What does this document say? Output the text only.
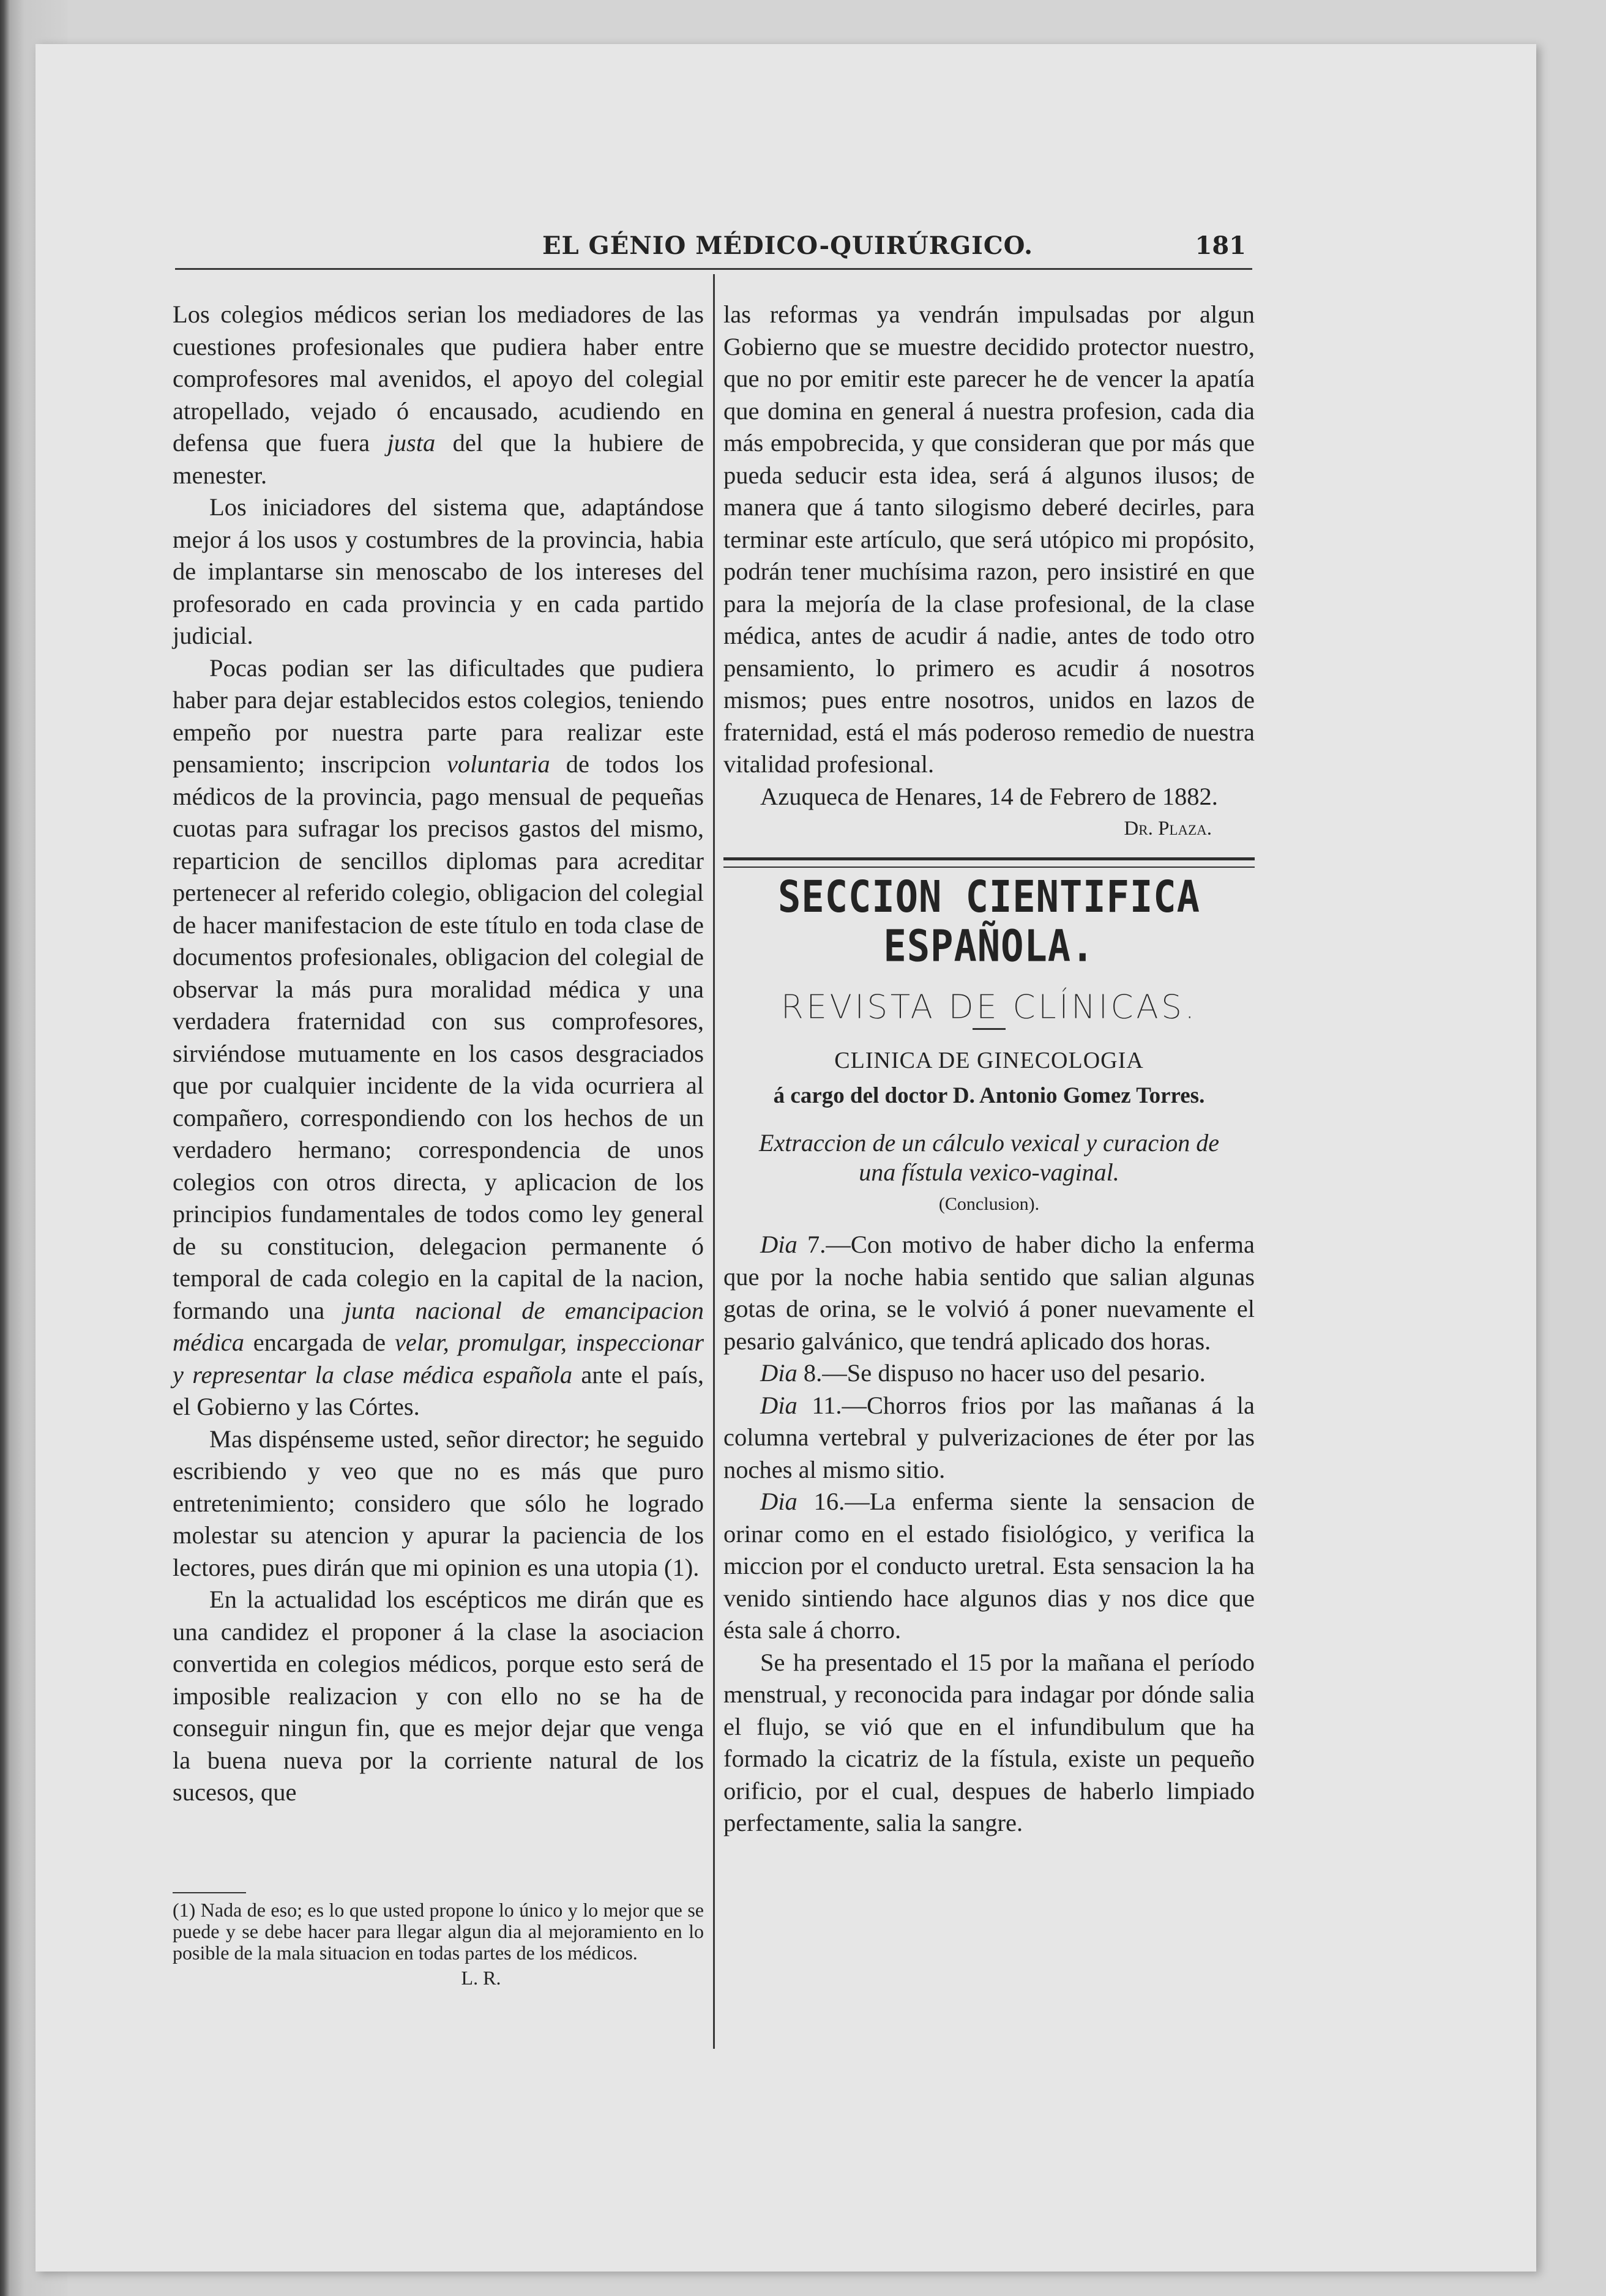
EL GÉNIO MÉDICO-QUIRÚRGICO.	181

Los colegios médicos serian los mediadores de las cuestiones profesionales que pudiera haber entre comprofesores mal avenidos, el apoyo del colegial atropellado, vejado ó encausado, acudiendo en defensa que fuera justa del que la hubiere de menester.

Los iniciadores del sistema que, adaptándose mejor á los usos y costumbres de la provincia, habia de implantarse sin menoscabo de los intereses del profesorado en cada provincia y en cada partido judicial.

Pocas podian ser las dificultades que pudiera haber para dejar establecidos estos colegios, teniendo empeño por nuestra parte para realizar este pensamiento; inscripcion voluntaria de todos los médicos de la provincia, pago mensual de pequeñas cuotas para sufragar los precisos gastos del mismo, reparticion de sencillos diplomas para acreditar pertenecer al referido colegio, obligacion del colegial de hacer manifestacion de este título en toda clase de documentos profesionales, obligacion del colegial de observar la más pura moralidad médica y una verdadera fraternidad con sus comprofesores, sirviéndose mutuamente en los casos desgraciados que por cualquier incidente de la vida ocurriera al compañero, correspondiendo con los hechos de un verdadero hermano; correspondencia de unos colegios con otros directa, y aplicacion de los principios fundamentales de todos como ley general de su constitucion, delegacion permanente ó temporal de cada colegio en la capital de la nacion, formando una junta nacional de emancipacion médica encargada de velar, promulgar, inspeccionar y representar la clase médica española ante el país, el Gobierno y las Córtes.

Mas dispénseme usted, señor director; he seguido escribiendo y veo que no es más que puro entretenimiento; considero que sólo he logrado molestar su atencion y apurar la paciencia de los lectores, pues dirán que mi opinion es una utopia (1).

En la actualidad los escépticos me dirán que es una candidez el proponer á la clase la asociacion convertida en colegios médicos, porque esto será de imposible realizacion y con ello no se ha de conseguir ningun fin, que es mejor dejar que venga la buena nueva por la corriente natural de los sucesos, que

(1) Nada de eso; es lo que usted propone lo único y lo mejor que se puede y se debe hacer para llegar algun dia al mejoramiento en lo posible de la mala situacion en todas partes de los médicos.
L. R.

las reformas ya vendrán impulsadas por algun Gobierno que se muestre decidido protector nuestro, que no por emitir este parecer he de vencer la apatía que domina en general á nuestra profesion, cada dia más empobrecida, y que consideran que por más que pueda seducir esta idea, será á algunos ilusos; de manera que á tanto silogismo deberé decirles, para terminar este artículo, que será utópico mi propósito, podrán tener muchísima razon, pero insistiré en que para la mejoría de la clase profesional, de la clase médica, antes de acudir á nadie, antes de todo otro pensamiento, lo primero es acudir á nosotros mismos; pues entre nosotros, unidos en lazos de fraternidad, está el más poderoso remedio de nuestra vitalidad profesional.

Azuqueca de Henares, 14 de Febrero de 1882.

Dr. Plaza.
SECCION CIENTIFICA ESPAÑOLA.
REVISTA DE CLÍNICAS.
CLINICA DE GINECOLOGIA
á cargo del doctor D. Antonio Gomez Torres.
Extraccion de un cálculo vexical y curacion de una fístula vexico-vaginal.
(Conclusion).

Dia 7.—Con motivo de haber dicho la enferma que por la noche habia sentido que salian algunas gotas de orina, se le volvió á poner nuevamente el pesario galvánico, que tendrá aplicado dos horas.

Dia 8.—Se dispuso no hacer uso del pesario.

Dia 11.—Chorros frios por las mañanas á la columna vertebral y pulverizaciones de éter por las noches al mismo sitio.

Dia 16.—La enferma siente la sensacion de orinar como en el estado fisiológico, y verifica la miccion por el conducto uretral. Esta sensacion la ha venido sintiendo hace algunos dias y nos dice que ésta sale á chorro.

Se ha presentado el 15 por la mañana el período menstrual, y reconocida para indagar por dónde salia el flujo, se vió que en el infundibulum que ha formado la cicatriz de la fístula, existe un pequeño orificio, por el cual, despues de haberlo limpiado perfectamente, salia la sangre.
